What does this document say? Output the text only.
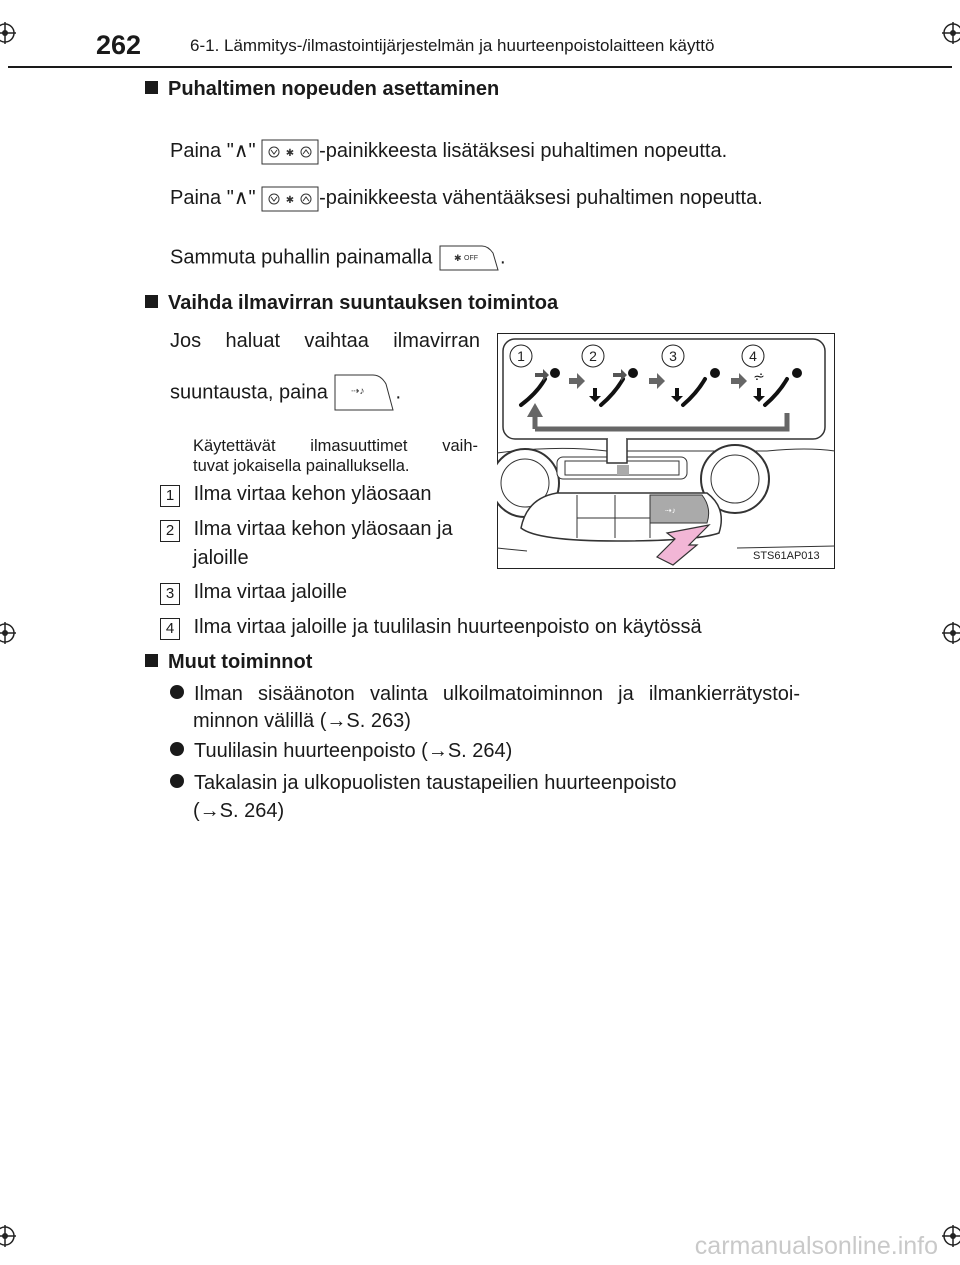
262	6-1. Lämmitys-/ilmastointijärjestelmän ja huurteenpoistolaitteen käyttö
Puhaltimen nopeuden asettaminen
Paina "∧"	✱ -painikkeesta lisätäksesi puhaltimen nopeutta.
Paina "∧"	✱ -painikkeesta vähentääksesi puhaltimen nopeutta.
Sammuta puhallin painamalla ✱ OFF .
Vaihda ilmavirran suuntauksen toimintoa
Jos haluat vaihtaa ilmavirran
suuntausta, paina ⇢♪ .
Käytettävät ilmasuuttimet vaih-
tuvat jokaisella painalluksella.
1 Ilma virtaa kehon yläosaan
2 Ilma virtaa kehon yläosaan ja
jaloille
3 Ilma virtaa jaloille
4 Ilma virtaa jaloille ja tuulilasin huurteenpoisto on käytössä
⇢♪
1	2	3	4
⩫
STS61AP013
Muut toiminnot
Ilman sisäänoton valinta ulkoilmatoiminnon ja ilmankierrätystoi-
minnon välillä (→S. 263)
Tuulilasin huurteenpoisto (→S. 264)
Takalasin ja ulkopuolisten taustapeilien huurteenpoisto
(→S. 264)
carmanualsonline.info
